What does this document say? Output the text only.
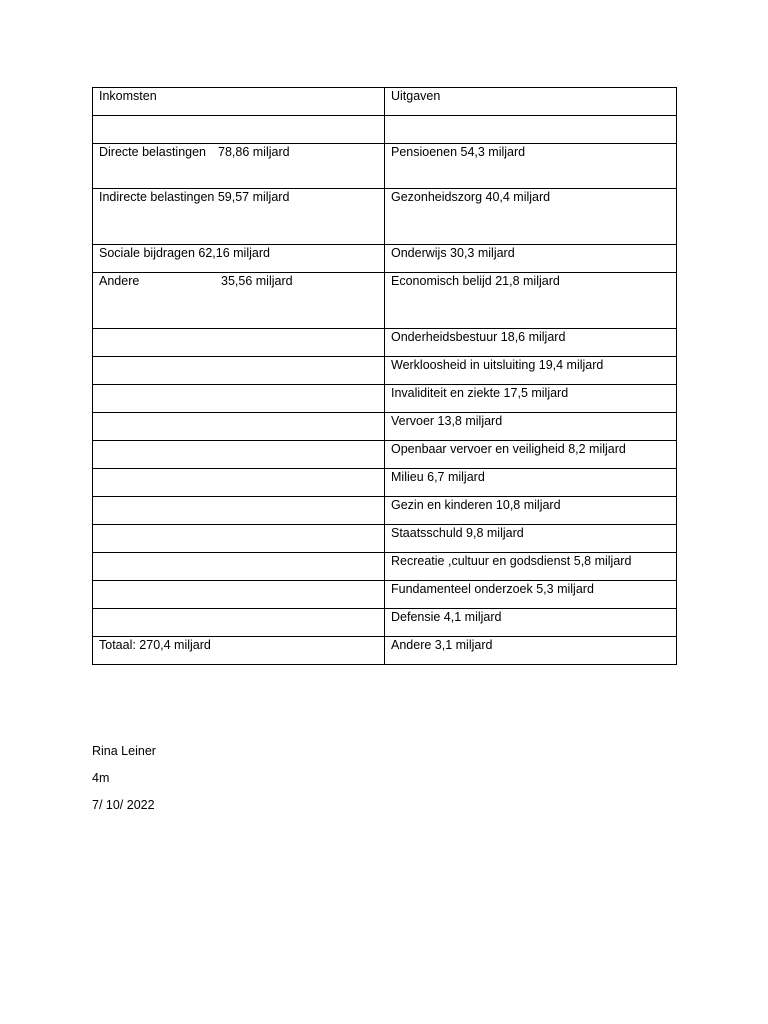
Inkomsten	Uitgaven

Directe belastingen 78,86 miljard	Pensioenen 54,3 miljard
Indirecte belastingen 59,57 miljard	Gezonheidszorg 40,4 miljard
Sociale bijdragen 62,16 miljard	Onderwijs 30,3 miljard
Andere 35,56 miljard	Economisch belijd 21,8 miljard
	Onderheidsbestuur 18,6 miljard
	Werkloosheid in uitsluiting 19,4 miljard
	Invaliditeit en ziekte 17,5 miljard
	Vervoer 13,8 miljard
	Openbaar vervoer en veiligheid 8,2 miljard
	Milieu 6,7 miljard
	Gezin en kinderen 10,8 miljard
	Staatsschuld 9,8 miljard
	Recreatie ,cultuur en godsdienst 5,8 miljard
	Fundamenteel onderzoek 5,3 miljard
	Defensie 4,1 miljard
Totaal: 270,4 miljard	Andere 3,1 miljard
Rina Leiner
4m
7/ 10/ 2022
